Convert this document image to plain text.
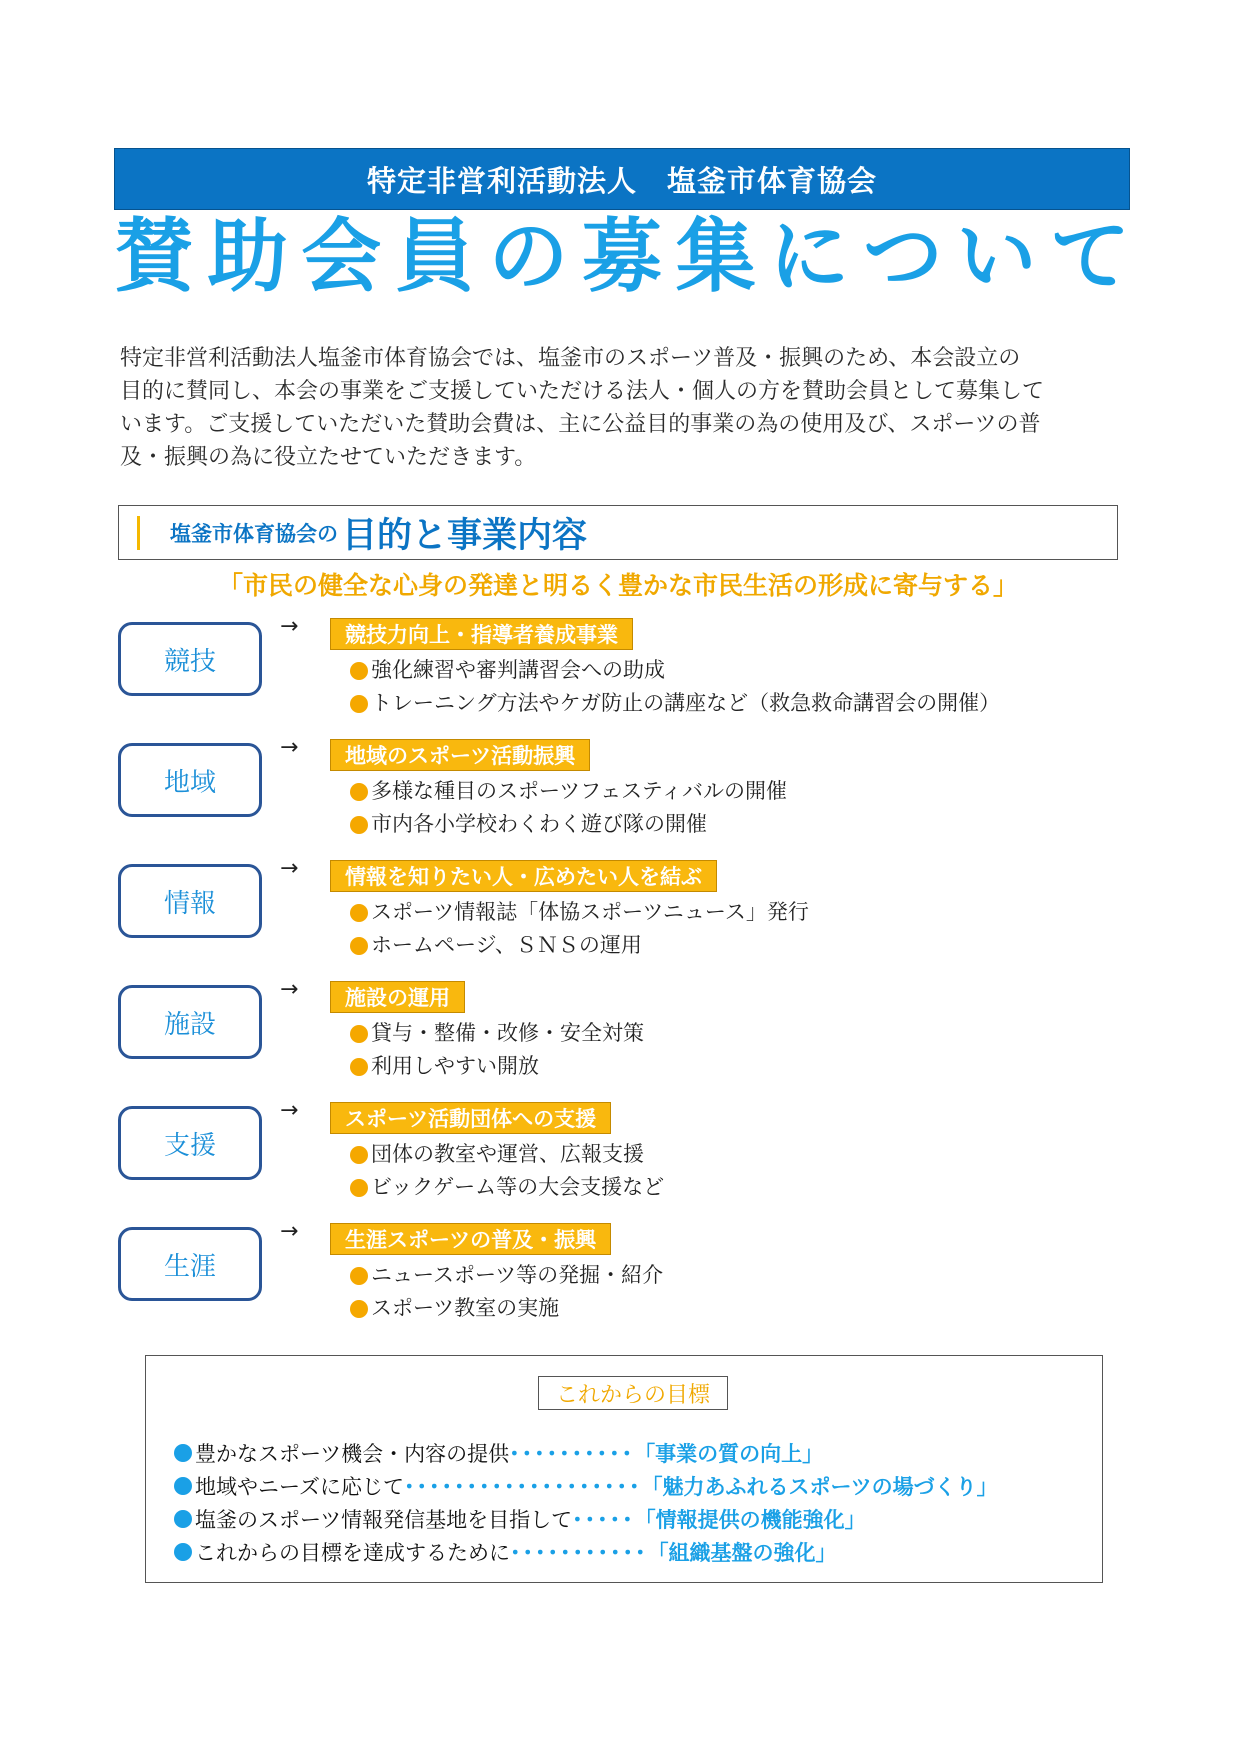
特定非営利活動法人　塩釜市体育協会
賛 助 会 員 の 募 集 に つ い て

特定非営利活動法人塩釜市体育協会では、塩釜市のスポーツ普及・振興のため、本会設立の
目的に賛同し、本会の事業をご支援していただける法人・個人の方を賛助会員として募集して
います。ご支援していただいた賛助会費は、主に公益目的事業の為の使用及び、スポーツの普
及・振興の為に役立たせていただきます。

塩釜市体育協会の 目的と事業内容
「市民の健全な心身の発達と明るく豊かな市民生活の形成に寄与する」
競技
→	競技力向上・指導者養成事業
強化練習や審判講習会への助成
トレーニング方法やケガ防止の講座など（救急救命講習会の開催）
地域
→	地域のスポーツ活動振興
多様な種目のスポーツフェスティバルの開催
市内各小学校わくわく遊び隊の開催
情報
→	情報を知りたい人・広めたい人を結ぶ
スポーツ情報誌「体協スポーツニュース」発行
ホームページ、ＳＮＳの運用
施設
→	施設の運用
貸与・整備・改修・安全対策
利用しやすい開放
支援
→	スポーツ活動団体への支援
団体の教室や運営、広報支援
ビックゲーム等の大会支援など
生涯
→	生涯スポーツの普及・振興
ニュースポーツ等の発掘・紹介
スポーツ教室の実施
これからの目標
豊かなスポーツ機会・内容の提供 ･･････････ 「事業の質の向上」
地域やニーズに応じて ･･･････････････････ 「魅力あふれるスポーツの場づくり」
塩釜のスポーツ情報発信基地を目指して ･････ 「情報提供の機能強化」
これからの目標を達成するために ･･･････････ 「組織基盤の強化」
